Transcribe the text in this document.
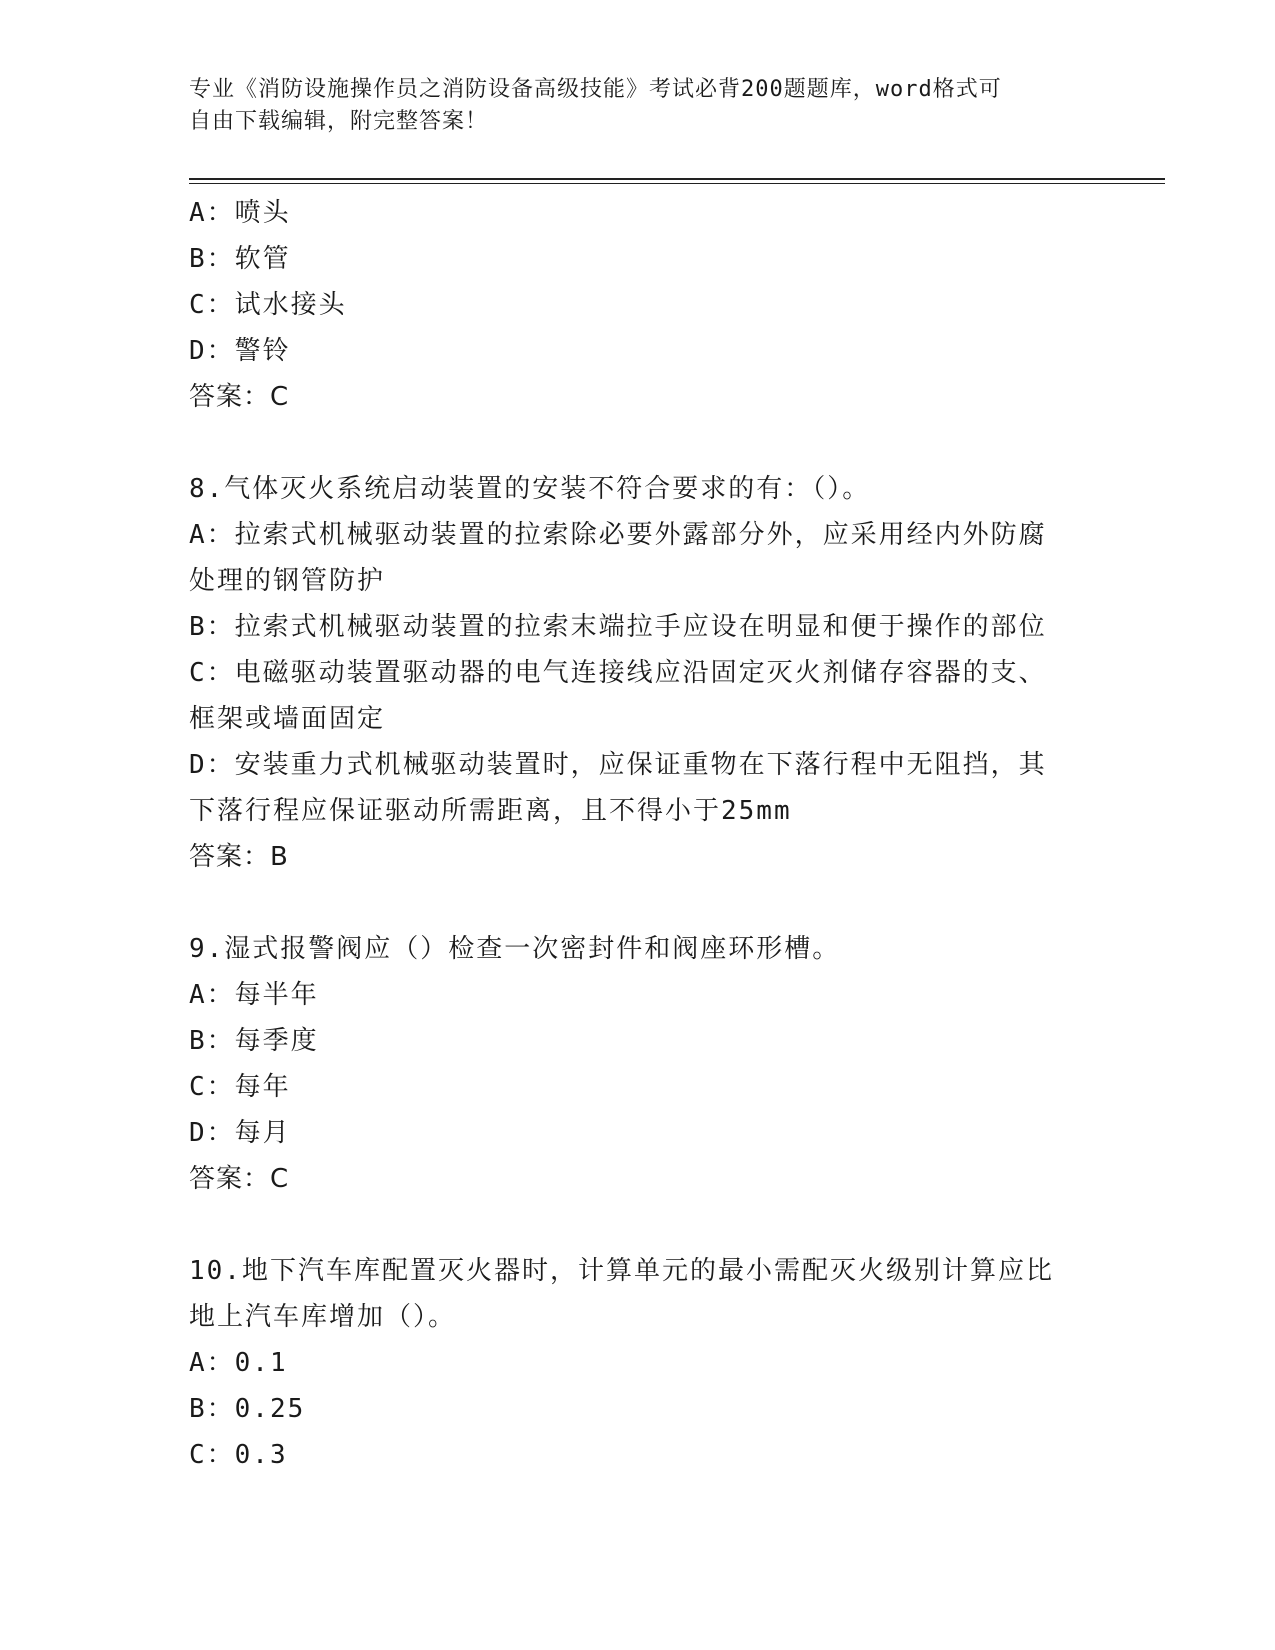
专业《消防设施操作员之消防设备高级技能》考试必背200题题库，word格式可
自由下载编辑，附完整答案！
A：喷头
B：软管
C：试水接头
D：警铃
答案：C
8.气体灭火系统启动装置的安装不符合要求的有：（）。
A：拉索式机械驱动装置的拉索除必要外露部分外，应采用经内外防腐
处理的钢管防护
B：拉索式机械驱动装置的拉索末端拉手应设在明显和便于操作的部位
C：电磁驱动装置驱动器的电气连接线应沿固定灭火剂储存容器的支、
框架或墙面固定
D：安装重力式机械驱动装置时，应保证重物在下落行程中无阻挡，其
下落行程应保证驱动所需距离，且不得小于25mm
答案：B
9.湿式报警阀应（）检查一次密封件和阀座环形槽。
A：每半年
B：每季度
C：每年
D：每月
答案：C
10.地下汽车库配置灭火器时，计算单元的最小需配灭火级别计算应比
地上汽车库增加（）。
A：0.1
B：0.25
C：0.3
